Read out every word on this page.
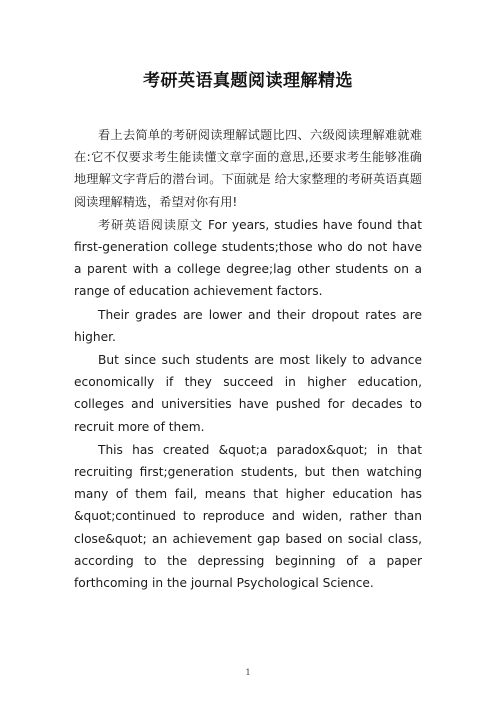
考研英语真题阅读理解精选

看上去简单的考研阅读理解试题比四、六级阅读理解难就难在:它不仅要求考生能读懂文章字面的意思,还要求考生能够准确地理解文字背后的潜台词。下面就是 给大家整理的考研英语真题阅读理解精选，希望对你有用!

考研英语阅读原文 For years, studies have found that first-generation college students;those who do not have a parent with a college degree;lag other students on a range of education achievement factors.

Their grades are lower and their dropout rates are higher.

But since such students are most likely to advance economically if they succeed in higher education, colleges and universities have pushed for decades to recruit more of them.

This has created &quot;a paradox&quot; in that recruiting first;generation students, but then watching many of them fail, means that higher education has &quot;continued to reproduce and widen, rather than close&quot; an achievement gap based on social class, according to the depressing beginning of a paper forthcoming in the journal Psychological Science.

1
